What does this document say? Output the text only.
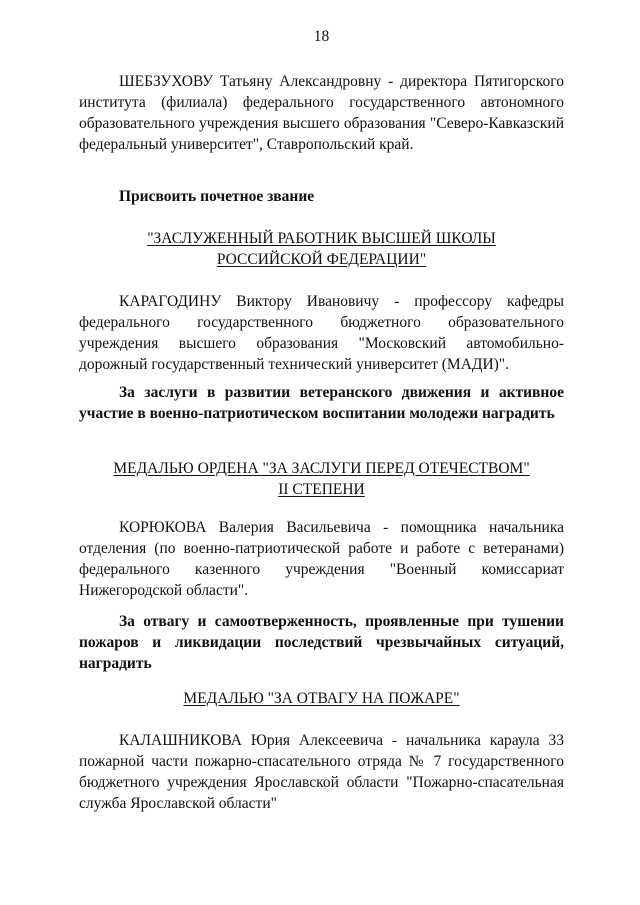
18

ШЕБЗУХОВУ Татьяну Александровну - директора Пятигорского института (филиала) федерального государственного автономного образовательного учреждения высшего образования "Северо-Кавказский федеральный университет", Ставропольский край.

Присвоить почетное звание

"ЗАСЛУЖЕННЫЙ РАБОТНИК ВЫСШЕЙ ШКОЛЫ
РОССИЙСКОЙ ФЕДЕРАЦИИ"

КАРАГОДИНУ Виктору Ивановичу - профессору кафедры федерального государственного бюджетного образовательного учреждения высшего образования "Московский автомобильно-дорожный государственный технический университет (МАДИ)".

За заслуги в развитии ветеранского движения и активное участие в военно-патриотическом воспитании молодежи наградить

МЕДАЛЬЮ ОРДЕНА "ЗА ЗАСЛУГИ ПЕРЕД ОТЕЧЕСТВОМ"
II СТЕПЕНИ

КОРЮКОВА Валерия Васильевича - помощника начальника отделения (по военно-патриотической работе и работе с ветеранами) федерального казенного учреждения "Военный комиссариат Нижегородской области".

За отвагу и самоотверженность, проявленные при тушении пожаров и ликвидации последствий чрезвычайных ситуаций, наградить

МЕДАЛЬЮ "ЗА ОТВАГУ НА ПОЖАРЕ"

КАЛАШНИКОВА Юрия Алексеевича - начальника караула 33 пожарной части пожарно-спасательного отряда № 7 государственного бюджетного учреждения Ярославской области "Пожарно-спасательная служба Ярославской области"
